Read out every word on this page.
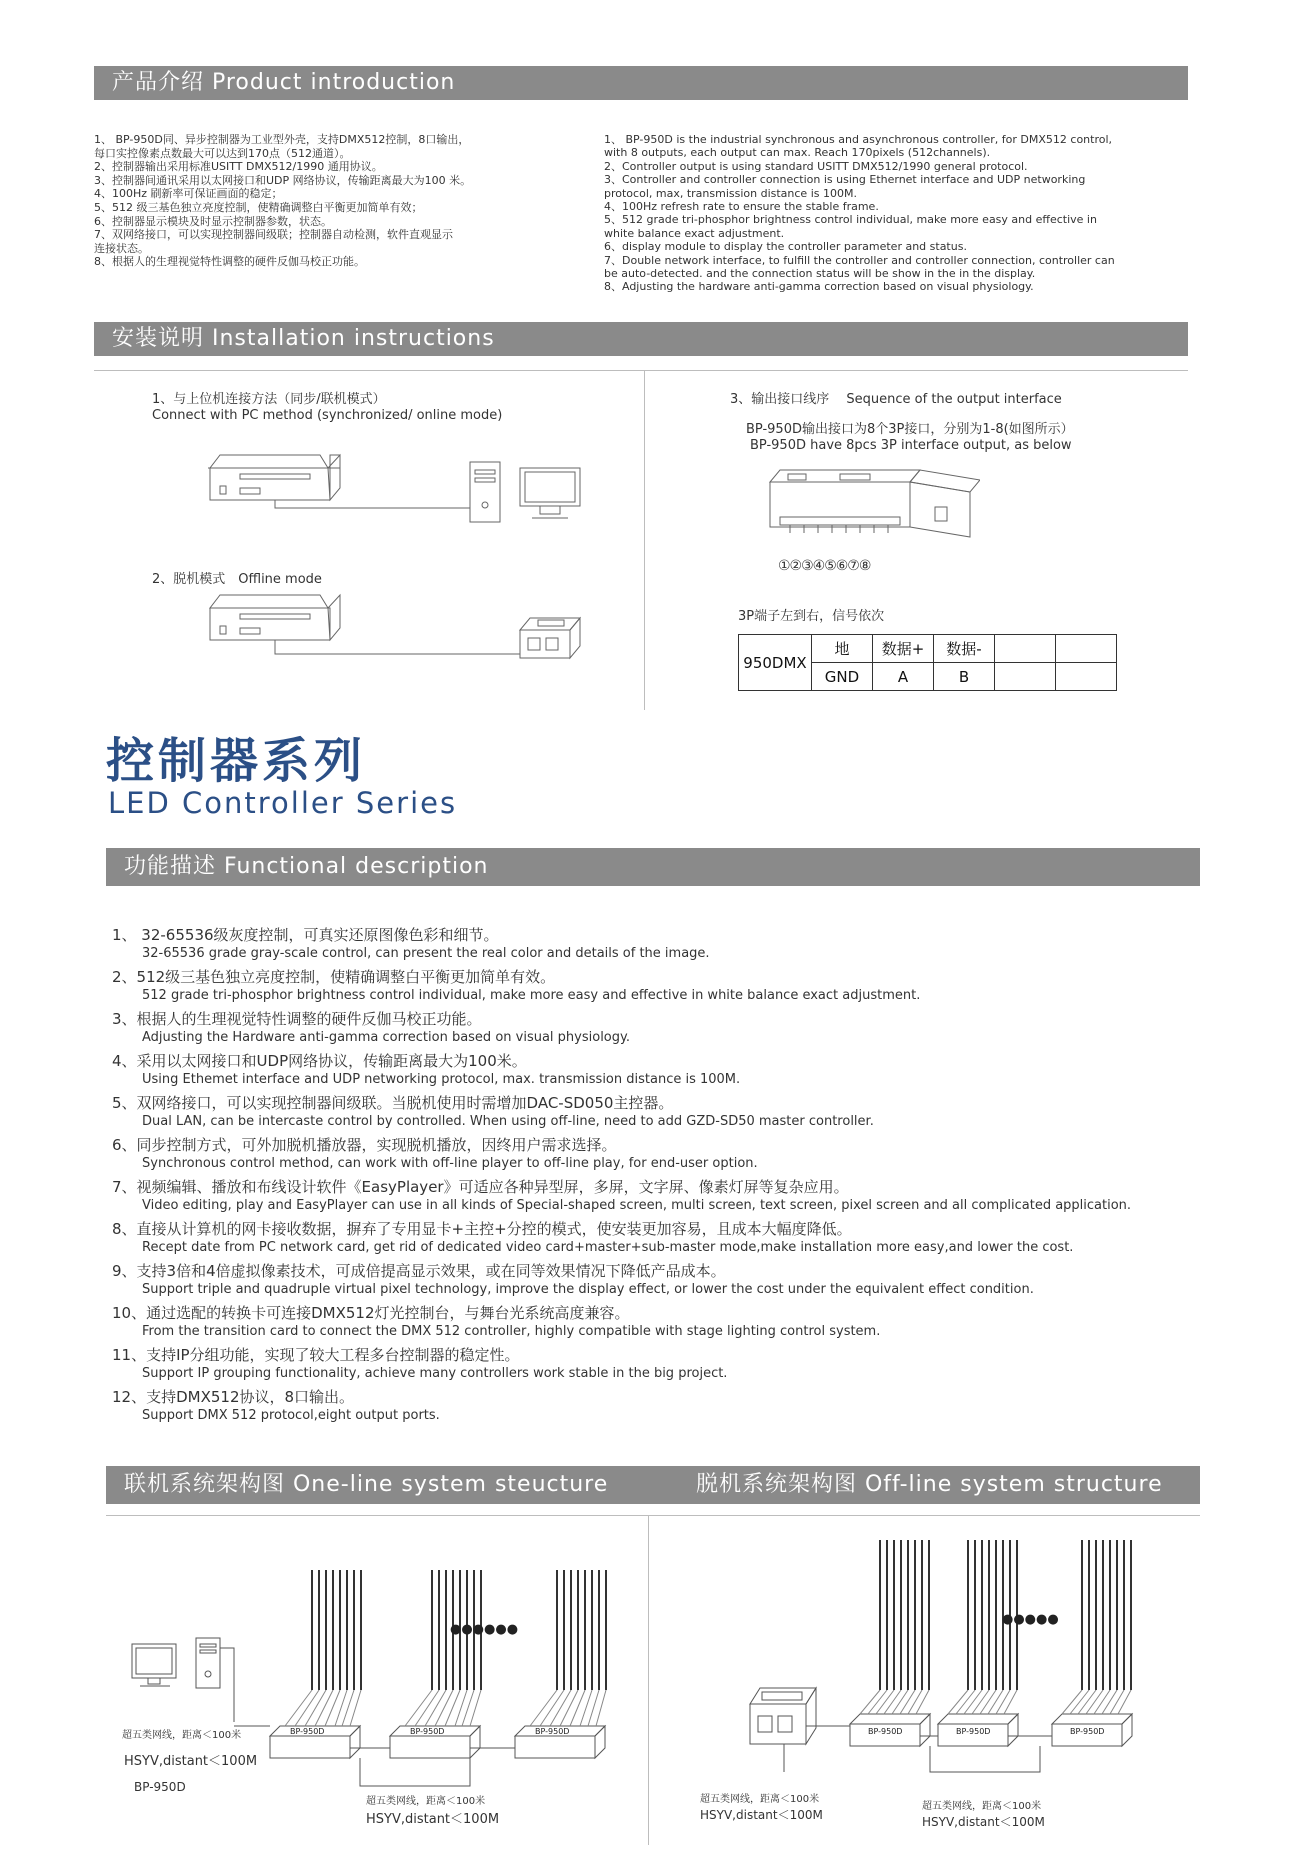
产品介绍 Product introduction

1、 BP-950D同、异步控制器为工业型外壳，支持DMX512控制，8口输出，

每口实控像素点数最大可以达到170点（512通道）。

2、控制器输出采用标准USITT DMX512/1990 通用协议。

3、控制器间通讯采用以太网接口和UDP 网络协议，传输距离最大为100 米。

4、100Hz 刷新率可保证画面的稳定；

5、512 级三基色独立亮度控制，使精确调整白平衡更加简单有效；

6、控制器显示模块及时显示控制器参数，状态。

7、双网络接口，可以实现控制器间级联；控制器自动检测，软件直观显示

连接状态。

8、根据人的生理视觉特性调整的硬件反伽马校正功能。

1、 BP-950D is the industrial synchronous and asynchronous controller, for DMX512 control,

with 8 outputs, each output can max. Reach 170pixels (512channels).

2、Controller output is using standard USITT DMX512/1990 general protocol.

3、Controller and controller connection is using Ethernet interface and UDP networking

protocol, max, transmission distance is 100M.

4、100Hz refresh rate to ensure the stable frame.

5、512 grade tri-phosphor brightness control individual, make more easy and effective in

white balance exact adjustment.

6、display module to display the controller parameter and status.

7、Double network interface, to fulfill the controller and controller connection, controller can

be auto-detected. and the connection status will be show in the in the display.

8、Adjusting the hardware anti-gamma correction based on visual physiology.

安装说明 Installation instructions
1、与上位机连接方法（同步/联机模式）
Connect with PC method (synchronized/ online mode)
2、脱机模式　Offline mode
3、输出接口线序　 Sequence of the output interface
BP-950D输出接口为8个3P接口，分别为1-8(如图所示）
BP-950D have 8pcs 3P interface output, as below
①②③④⑤⑥⑦⑧
3P端子左到右，信号依次
950DMX	地	数据+	数据-		
	GND	A	B		
控制器系列
LED Controller Series
功能描述 Functional description

1、 32-65536级灰度控制，可真实还原图像色彩和细节。

32-65536 grade gray-scale control, can present the real color and details of the image.

2、512级三基色独立亮度控制，使精确调整白平衡更加简单有效。

512 grade tri-phosphor brightness control individual, make more easy and effective in white balance exact adjustment.

3、根据人的生理视觉特性调整的硬件反伽马校正功能。

Adjusting the Hardware anti-gamma correction based on visual physiology.

4、采用以太网接口和UDP网络协议，传输距离最大为100米。

Using Ethemet interface and UDP networking protocol, max. transmission distance is 100M.

5、双网络接口，可以实现控制器间级联。当脱机使用时需增加DAC-SD050主控器。

Dual LAN, can be intercaste control by controlled. When using off-line, need to add GZD-SD50 master controller.

6、同步控制方式，可外加脱机播放器，实现脱机播放，因终用户需求选择。

Synchronous control method, can work with off-line player to off-line play, for end-user option.

7、视频编辑、播放和布线设计软件《EasyPlayer》可适应各种异型屏，多屏，文字屏、像素灯屏等复杂应用。

Video editing, play and EasyPlayer can use in all kinds of Special-shaped screen, multi screen, text screen, pixel screen and all complicated application.

8、直接从计算机的网卡接收数据，摒弃了专用显卡+主控+分控的模式，使安装更加容易，且成本大幅度降低。

Recept date from PC network card, get rid of dedicated video card+master+sub-master mode,make installation more easy,and lower the cost.

9、支持3倍和4倍虚拟像素技术，可成倍提高显示效果，或在同等效果情况下降低产品成本。

Support triple and quadruple virtual pixel technology, improve the display effect, or lower the cost under the equivalent effect condition.

10、通过选配的转换卡可连接DMX512灯光控制台，与舞台光系统高度兼容。

From the transition card to connect the DMX 512 controller, highly compatible with stage lighting control system.

11、支持IP分组功能，实现了较大工程多台控制器的稳定性。

Support IP grouping functionality, achieve many controllers work stable in the big project.

12、支持DMX512协议，8口输出。

Support DMX 512 protocol,eight output ports.

联机系统架构图 One-line system steucture	脱机系统架构图 Off-line system structure
●●●●●●
BP-950D	BP-950D	BP-950D
超五类网线，距离＜100米
HSYV,distant＜100M
BP-950D
超五类网线，距离＜100米
HSYV,distant＜100M
●●●●●
BP-950D	BP-950D	BP-950D
超五类网线，距离＜100米
HSYV,distant＜100M
超五类网线，距离＜100米
HSYV,distant＜100M
